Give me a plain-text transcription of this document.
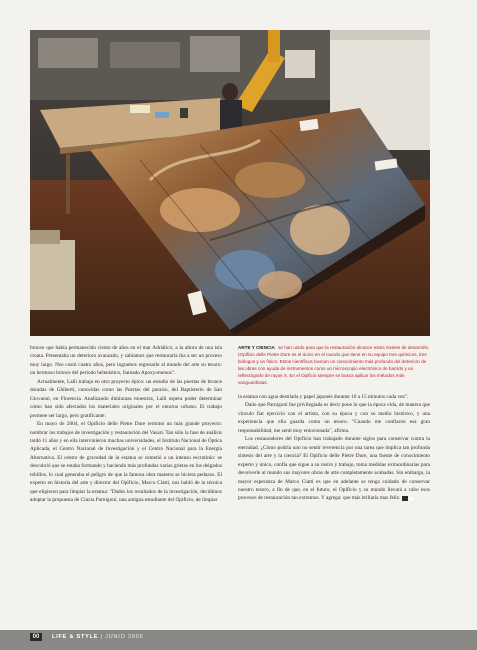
bronce que había permanecido ciento de años en el mar Adriático, a la altura de una isla croata. Presentaba un deterioro avanzado, y sabíamos que restaurarla iba a ser un proceso muy largo. Nos costó cuatro años, pero logramos regresarle al mundo del arte su tesoro: un hermoso bronce del periodo helenístico, llamado Apoxyomenos".

Actualmente, Lalli trabaja en otro proyecto épico: un estudio de las puertas de bronce doradas de Ghiberti, conocidas como las Puertas del paraíso, del Baptisterio de San Giovanni, en Florencia. Analizando diminutas muestras, Lalli espera poder determinar cómo han sido afectados los materiales originales por el entorno urbano. El trabajo promete ser largo, pero gratificante.

En mayo de 2004, el Opificio delle Pietre Dure terminó un más grande proyecto: nombrar los trabajos de investigación y restauración del Vasari. Tan sólo la fase de análisis tardó 11 años y en ella intervinieron muchas universidades, el Instituto Nacional de Óptica Aplicada, el Centro Nacional de Investigación y el Centro Nacional para la Energía Alternativa. El centro de gravedad de la estatua se sometió a un intenso escrutinio: se descubrió que se estaba formando y haciendo más profundas varias grietas en los delgados tobillos, lo cual generaba el peligro de que la famosa obra maestra se hiciera pedazos. El experto en historia del arte y director del Opificio, Marco Ciatti, nos habló de la técnica que eligieron para limpiar la estatua: "Dados los resultados de la investigación, decidimos adoptar la propuesta de Cinzia Parnigoni, una antigua estudiante del Opificio, de limpiar

ARTE Y CIENCIA se han unido para que la restauración alcance estos niveles de desarrollo. (Opificio delle Pietre Dure es el único en el mundo que tiene en su equipo tres químicos, tres biólogos y un físico. Estos científicos buscan un conocimiento más profundo del deterioro de las obras con ayuda de instrumentos como un microscopio electrónico de barrido y un reflectógrafo de rayos X. En el Opificio siempre se busca aplicar los métodos más vanguardistas.

la estatua con agua destilada y papel japonés durante 10 a 15 minutos cada vez".

Dado que Parnigoni fue privilegiada es decir pone lo que la época vida, de manera que vinculo fiar ejercicio con el artista, con su época y con su medio histórico, y una experiencia que ella guarda como un tesoro. "Cuando me confiaron esa gran responsabilidad, me sentí muy emocionada", afirma.

Los restauradores del Opificio han trabajado durante siglos para conservar contra la eternidad. ¿Cómo podría uno no sentir reverencia por una tarea que implica tan profunda síntesis del arte y la ciencia? El Opificio delle Pietre Dure, una fuente de conocimiento experto y único, confía que sigue a su rostro y trabajo, toma medidas extraordinarias para devolverle al mundo sus mayores obras de arte completamente acabadas. Sin embargo, la mayor esperanza de Marco Ciatti es que en adelante se tenga cuidado de conservar nuestro tesoro, a fin de que, en el futuro, el Opificio y su mundo llevará a cabo esos procesos de restauración tan extremos. Y agrega: que más brillaría mas feliz. ■

00	LIFE & STYLE | JUNIO 2005
